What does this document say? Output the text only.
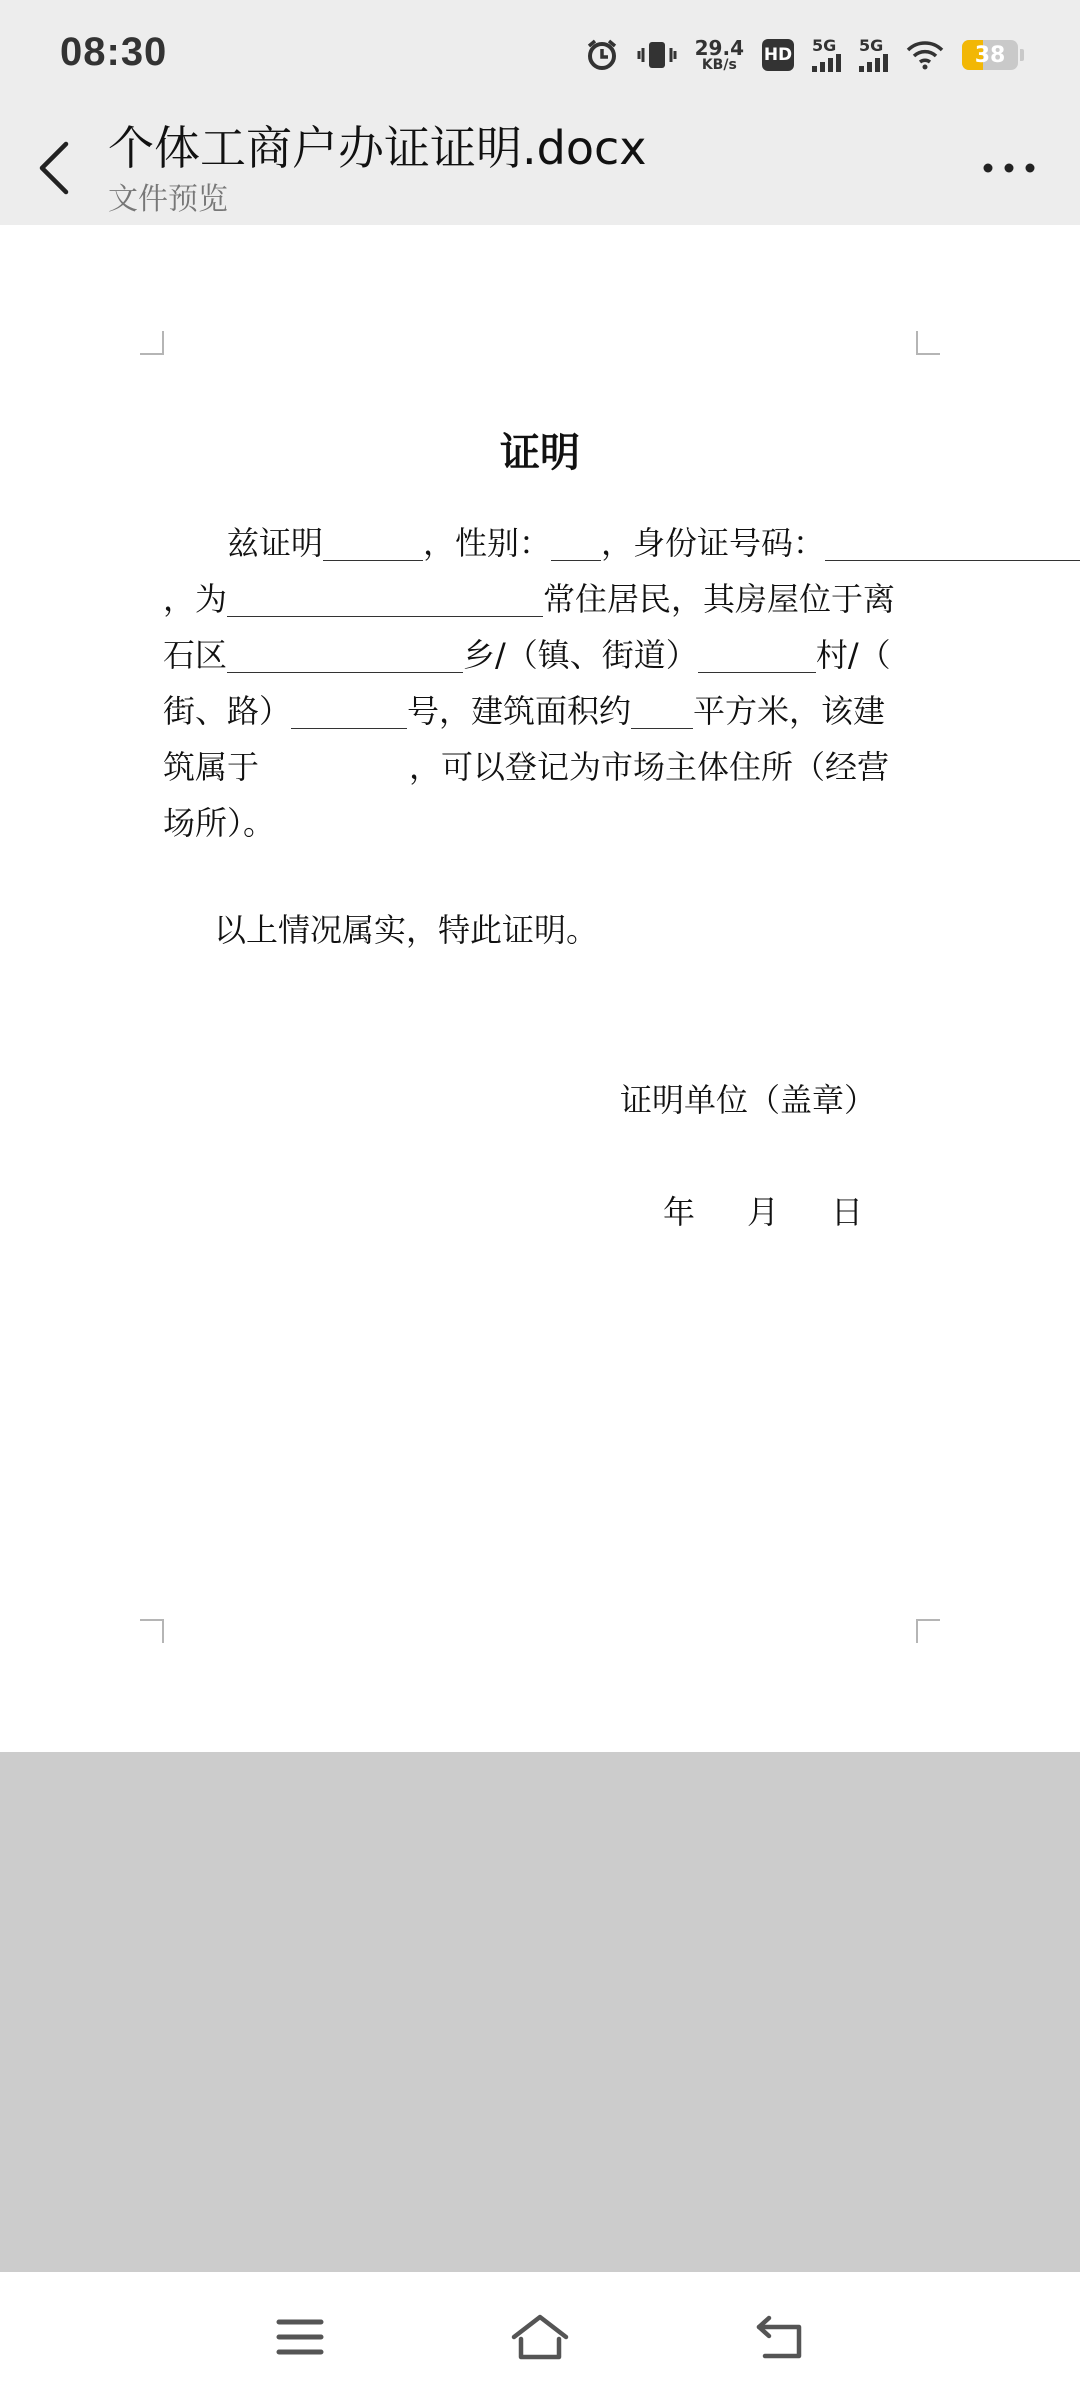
08:30	29.4
KB/s HD 5G 5G	38
个体工商户办证证明.docx
文件预览
证明
兹证明	，性别： ，身份证号码：
，为	常住居民，其房屋位于离
石区	乡/（镇、街道）	村/（
街、路）	号，建筑面积约 平方米，该建
筑属于	，可以登记为市场主体住所（经营
场所）。
以上情况属实，特此证明。
证明单位（盖章）
年 月 日
